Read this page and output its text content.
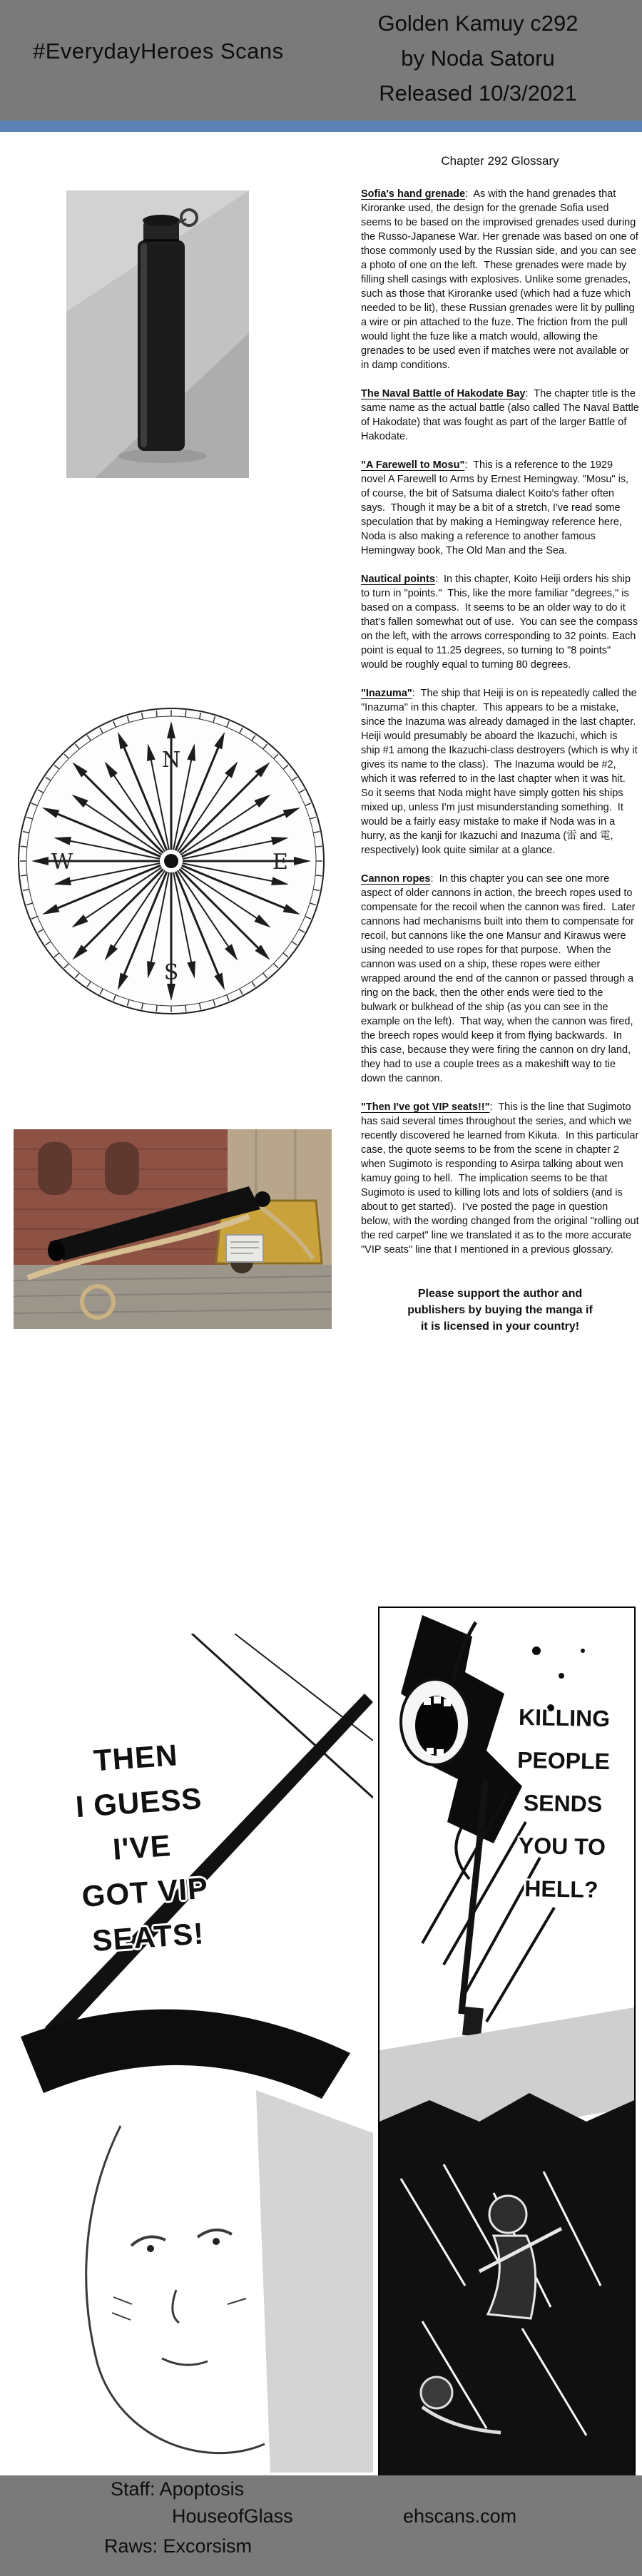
#EverydayHeroes Scans
Golden Kamuy c292
by Noda Satoru
Released 10/3/2021
N
E
S
W
Chapter 292 Glossary
Sofia's hand grenade:  As with the hand grenades that Kiroranke used, the design for the grenade Sofia used seems to be based on the improvised grenades used during the Russo-Japanese War. Her grenade was based on one of those commonly used by the Russian side, and you can see a photo of one on the left.  These grenades were made by filling shell casings with explosives. Unlike some grenades, such as those that Kiroranke used (which had a fuze which needed to be lit), these Russian grenades were lit by pulling a wire or pin attached to the fuze. The friction from the pull would light the fuze like a match would, allowing the grenades to be used even if matches were not available or in damp conditions.
The Naval Battle of Hakodate Bay:  The chapter title is the same name as the actual battle (also called The Naval Battle of Hakodate) that was fought as part of the larger Battle of Hakodate.
"A Farewell to Mosu":  This is a reference to the 1929 novel A Farewell to Arms by Ernest Hemingway. "Mosu" is, of course, the bit of Satsuma dialect Koito's father often says.  Though it may be a bit of a stretch, I've read some speculation that by making a Hemingway reference here, Noda is also making a reference to another famous Hemingway book, The Old Man and the Sea.
Nautical points:  In this chapter, Koito Heiji orders his ship to turn in "points."  This, like the more familiar "degrees," is based on a compass.  It seems to be an older way to do it that's fallen somewhat out of use.  You can see the compass on the left, with the arrows corresponding to 32 points. Each point is equal to 11.25 degrees, so turning to "8 points" would be roughly equal to turning 80 degrees.
"Inazuma":  The ship that Heiji is on is repeatedly called the "Inazuma" in this chapter.  This appears to be a mistake, since the Inazuma was already damaged in the last chapter.  Heiji would presumably be aboard the Ikazuchi, which is ship #1 among the Ikazuchi-class destroyers (which is why it gives its name to the class).  The Inazuma would be #2, which it was referred to in the last chapter when it was hit. So it seems that Noda might have simply gotten his ships mixed up, unless I'm just misunderstanding something.  It would be a fairly easy mistake to make if Noda was in a hurry, as the kanji for Ikazuchi and Inazuma (雷 and 電, respectively) look quite similar at a glance.
Cannon ropes:  In this chapter you can see one more aspect of older cannons in action, the breech ropes used to compensate for the recoil when the cannon was fired.  Later cannons had mechanisms built into them to compensate for recoil, but cannons like the one Mansur and Kirawus were using needed to use ropes for that purpose.  When the cannon was used on a ship, these ropes were either wrapped around the end of the cannon or passed through a ring on the back, then the other ends were tied to the bulwark or bulkhead of the ship (as you can see in the example on the left).  That way, when the cannon was fired, the breech ropes would keep it from flying backwards.  In this case, because they were firing the cannon on dry land, they had to use a couple trees as a makeshift way to tie down the cannon.
"Then I've got VIP seats!!":  This is the line that Sugimoto has said several times throughout the series, and which we recently discovered he learned from Kikuta.  In this particular case, the quote seems to be from the scene in chapter 2 when Sugimoto is responding to Asirpa talking about wen kamuy going to hell.  The implication seems to be that Sugimoto is used to killing lots and lots of soldiers (and is about to get started).  I've posted the page in question below, with the wording changed from the original "rolling out the red carpet" line we translated it as to the more accurate "VIP seats" line that I mentioned in a previous glossary.
Please support the author and
publishers by buying the manga if
it is licensed in your country!
THEN
I GUESS
I'VE
GOT VIP
SEATS!
KILLING
PEOPLE
SENDS
YOU TO
HELL?
Staff: Apoptosis
HouseofGlass
Raws: Excorsism
ehscans.com
